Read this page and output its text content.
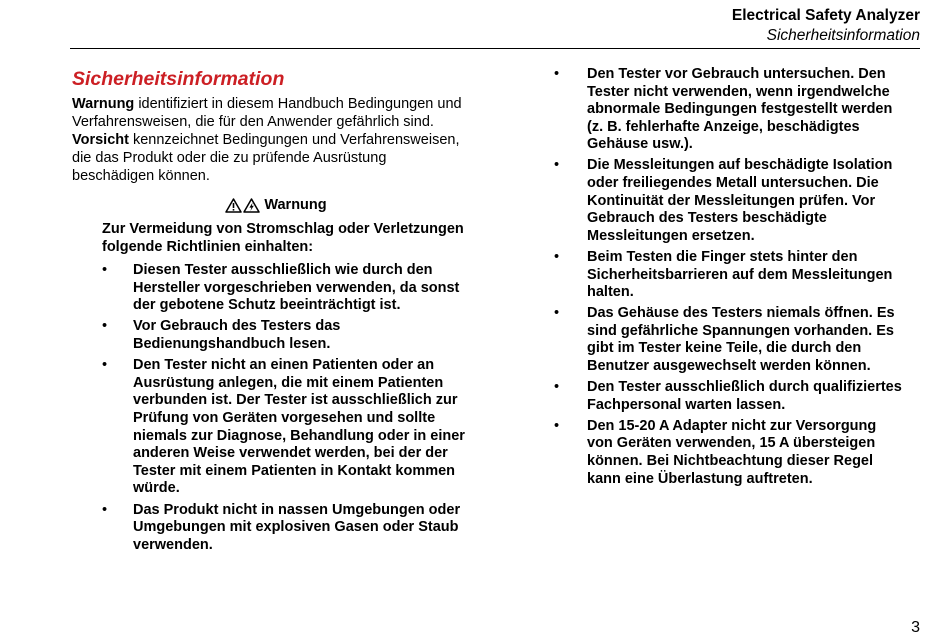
Electrical Safety Analyzer
Sicherheitsinformation
Sicherheitsinformation
Warnung identifiziert in diesem Handbuch Bedingungen und Verfahrensweisen, die für den Anwender gefährlich sind. Vorsicht kennzeichnet Bedingungen und Verfahrensweisen, die das Produkt oder die zu prüfende Ausrüstung beschädigen können.
Warnung
Zur Vermeidung von Stromschlag oder Verletzungen folgende Richtlinien einhalten:
•	Diesen Tester ausschließlich wie durch den Hersteller vorgeschrieben verwenden, da sonst der gebotene Schutz beeinträchtigt ist.
•	Vor Gebrauch des Testers das Bedienungshandbuch lesen.
•	Den Tester nicht an einen Patienten oder an Ausrüstung anlegen, die mit einem Patienten verbunden ist. Der Tester ist ausschließlich zur Prüfung von Geräten vorgesehen und sollte niemals zur Diagnose, Behandlung oder in einer anderen Weise verwendet werden, bei der der Tester mit einem Patienten in Kontakt kommen würde.
•	Das Produkt nicht in nassen Umgebungen oder Umgebungen mit explosiven Gasen oder Staub verwenden.
•	Den Tester vor Gebrauch untersuchen. Den Tester nicht verwenden, wenn irgendwelche abnormale Bedingungen festgestellt werden (z. B. fehlerhafte Anzeige, beschädigtes Gehäuse usw.).
•	Die Messleitungen auf beschädigte Isolation oder freiliegendes Metall untersuchen. Die Kontinuität der Messleitungen prüfen. Vor Gebrauch des Testers beschädigte Messleitungen ersetzen.
•	Beim Testen die Finger stets hinter den Sicherheitsbarrieren auf dem Messleitungen halten.
•	Das Gehäuse des Testers niemals öffnen. Es sind gefährliche Spannungen vorhanden. Es gibt im Tester keine Teile, die durch den Benutzer ausgewechselt werden können.
•	Den Tester ausschließlich durch qualifiziertes Fachpersonal warten lassen.
•	Den 15-20 A Adapter nicht zur Versorgung von Geräten verwenden, 15 A übersteigen können. Bei Nichtbeachtung dieser Regel kann eine Überlastung auftreten.
3
